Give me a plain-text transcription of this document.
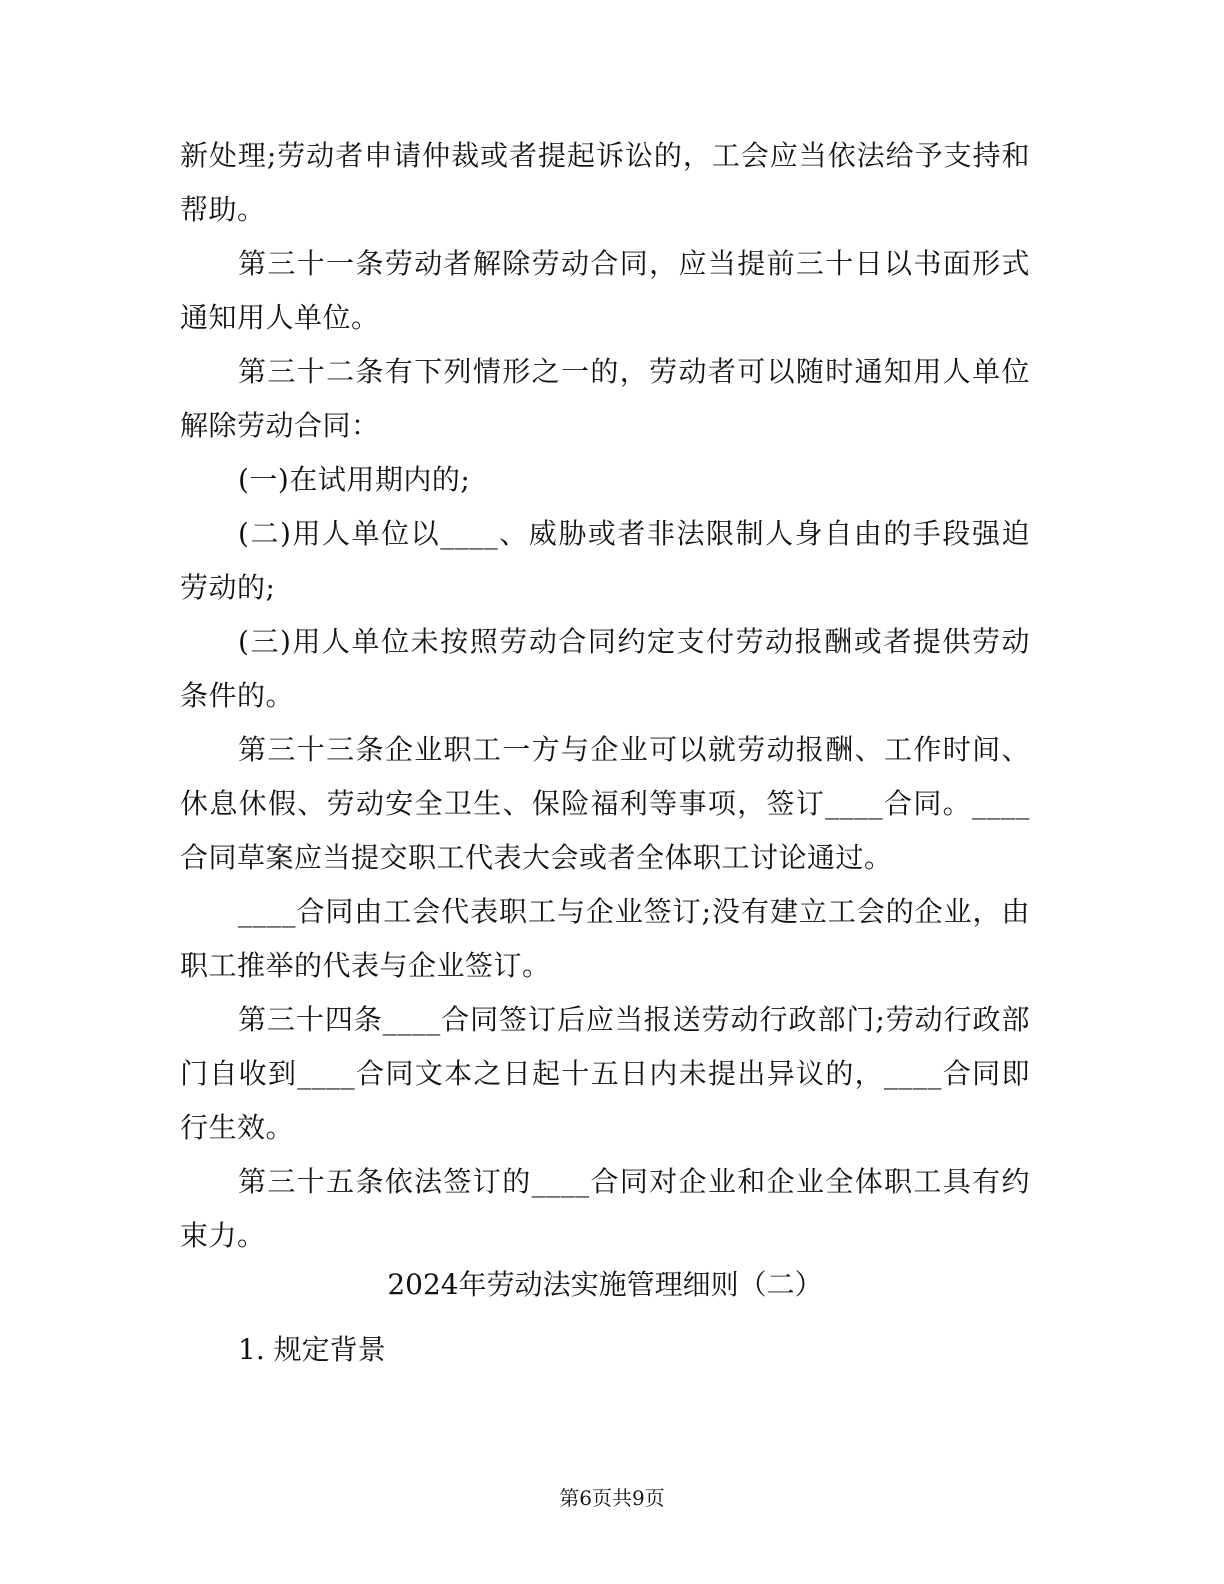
新处理;劳动者申请仲裁或者提起诉讼的，工会应当依法给予支持和帮助。

第三十一条劳动者解除劳动合同，应当提前三十日以书面形式通知用人单位。

第三十二条有下列情形之一的，劳动者可以随时通知用人单位解除劳动合同：

(一)在试用期内的;

(二)用人单位以____、威胁或者非法限制人身自由的手段强迫劳动的;

(三)用人单位未按照劳动合同约定支付劳动报酬或者提供劳动条件的。

第三十三条企业职工一方与企业可以就劳动报酬、工作时间、休息休假、劳动安全卫生、保险福利等事项，签订____合同。____合同草案应当提交职工代表大会或者全体职工讨论通过。

____合同由工会代表职工与企业签订;没有建立工会的企业，由职工推举的代表与企业签订。

第三十四条____合同签订后应当报送劳动行政部门;劳动行政部门自收到____合同文本之日起十五日内未提出异议的，____合同即行生效。

第三十五条依法签订的____合同对企业和企业全体职工具有约束力。

2024年劳动法实施管理细则（二）

1. 规定背景

第6页共9页
